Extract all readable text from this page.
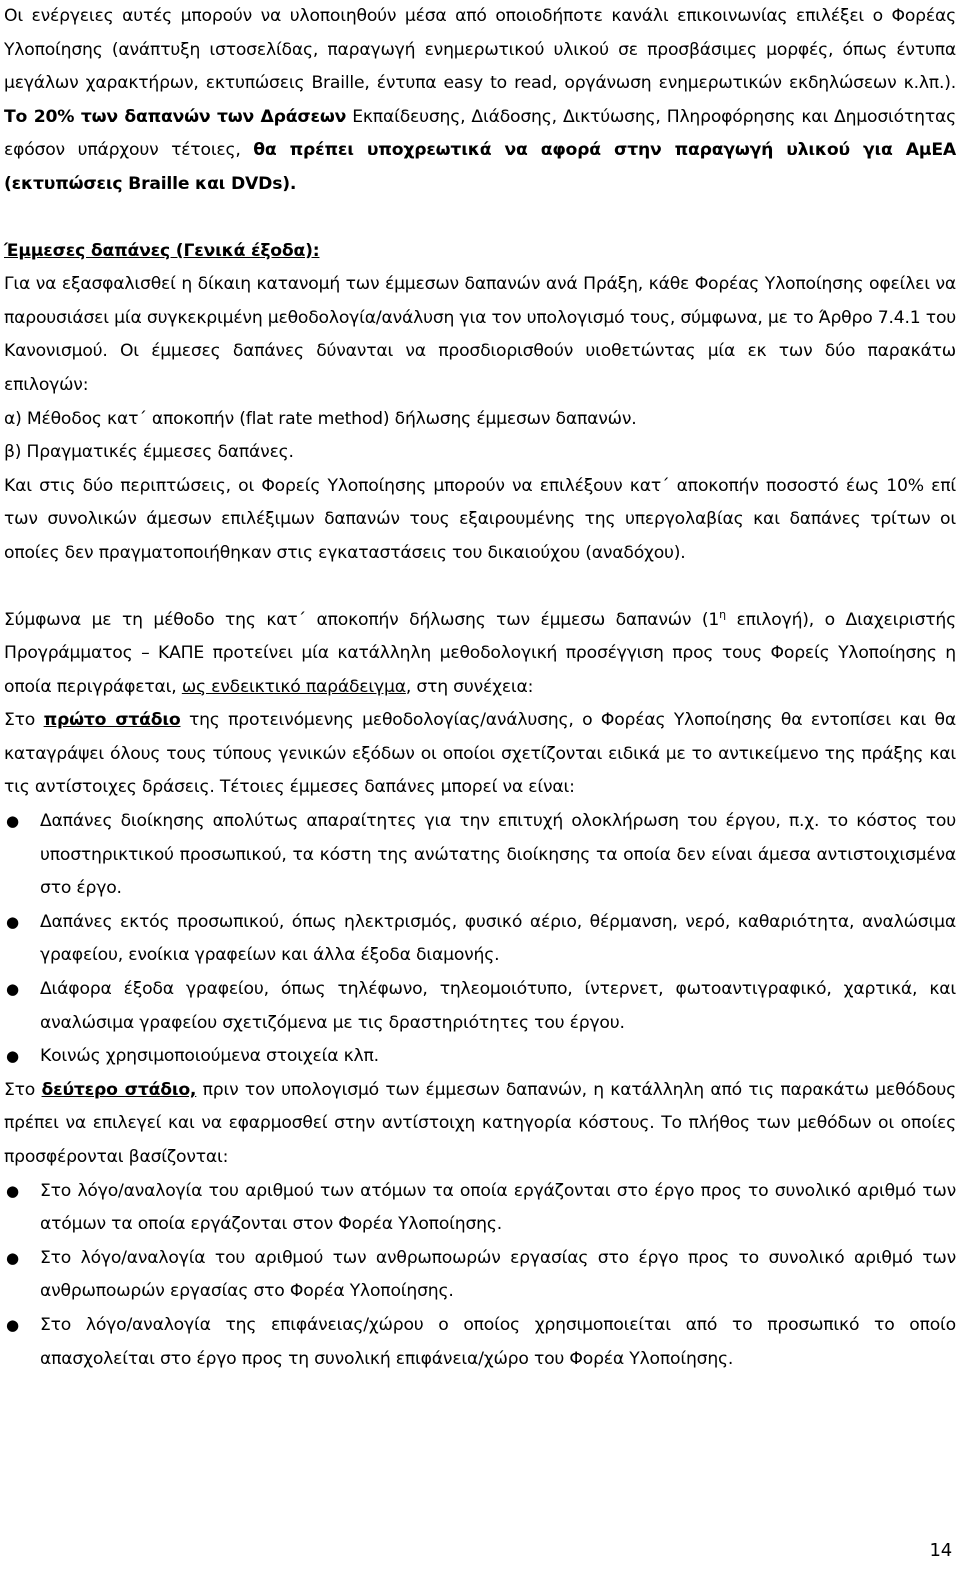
Οι ενέργειες αυτές μπορούν να υλοποιηθούν μέσα από οποιοδήποτε κανάλι επικοινωνίας επιλέξει ο Φορέας Υλοποίησης (ανάπτυξη ιστοσελίδας, παραγωγή ενημερωτικού υλικού σε προσβάσιμες μορφές, όπως έντυπα μεγάλων χαρακτήρων, εκτυπώσεις Braille, έντυπα easy to read, οργάνωση ενημερωτικών εκδηλώσεων κ.λπ.). Το 20% των δαπανών των Δράσεων Εκπαίδευσης, Διάδοσης, Δικτύωσης, Πληροφόρησης και Δημοσιότητας εφόσον υπάρχουν τέτοιες, θα πρέπει υποχρεωτικά να αφορά στην παραγωγή υλικού για ΑμΕΑ (εκτυπώσεις Braille και DVDs).

Έμμεσες δαπάνες (Γενικά έξοδα):

Για να εξασφαλισθεί η δίκαιη κατανομή των έμμεσων δαπανών ανά Πράξη, κάθε Φορέας Υλοποίησης οφείλει να παρουσιάσει μία συγκεκριμένη μεθοδολογία/ανάλυση για τον υπολογισμό τους, σύμφωνα, με το Άρθρο 7.4.1 του Κανονισμού. Οι έμμεσες δαπάνες δύνανται να προσδιορισθούν υιοθετώντας μία εκ των δύο παρακάτω επιλογών:

α) Μέθοδος κατ΄ αποκοπήν (flat rate method) δήλωσης έμμεσων δαπανών.

β) Πραγματικές έμμεσες δαπάνες.

Και στις δύο περιπτώσεις, οι Φορείς Υλοποίησης μπορούν να επιλέξουν κατ΄ αποκοπήν ποσοστό έως 10% επί των συνολικών άμεσων επιλέξιμων δαπανών τους εξαιρουμένης της υπεργολαβίας και δαπάνες τρίτων οι οποίες δεν πραγματοποιήθηκαν στις εγκαταστάσεις του δικαιούχου (αναδόχου).

Σύμφωνα με τη μέθοδο της κατ΄ αποκοπήν δήλωσης των έμμεσω δαπανών ($1^\eta$ επιλογή), ο Διαχειριστής Προγράμματος – ΚΑΠΕ προτείνει μία κατάλληλη μεθοδολογική προσέγγιση προς τους Φορείς Υλοποίησης η οποία περιγράφεται, ως ενδεικτικό παράδειγμα, στη συνέχεια:

Στο πρώτο στάδιο της προτεινόμενης μεθοδολογίας/ανάλυσης, ο Φορέας Υλοποίησης θα εντοπίσει και θα καταγράψει όλους τους τύπους γενικών εξόδων οι οποίοι σχετίζονται ειδικά με το αντικείμενο της πράξης και τις αντίστοιχες δράσεις. Τέτοιες έμμεσες δαπάνες μπορεί να είναι:

● Δαπάνες διοίκησης απολύτως απαραίτητες για την επιτυχή ολοκλήρωση του έργου, π.χ. το κόστος του υποστηρικτικού προσωπικού, τα κόστη της ανώτατης διοίκησης τα οποία δεν είναι άμεσα αντιστοιχισμένα στο έργο.
● Δαπάνες εκτός προσωπικού, όπως ηλεκτρισμός, φυσικό αέριο, θέρμανση, νερό, καθαριότητα, αναλώσιμα γραφείου, ενοίκια γραφείων και άλλα έξοδα διαμονής.
● Διάφορα έξοδα γραφείου, όπως τηλέφωνο, τηλεομοιότυπο, ίντερνετ, φωτοαντιγραφικό, χαρτικά, και αναλώσιμα γραφείου σχετιζόμενα με τις δραστηριότητες του έργου.
● Κοινώς χρησιμοποιούμενα στοιχεία κλπ.

Στο δεύτερο στάδιο, πριν τον υπολογισμό των έμμεσων δαπανών, η κατάλληλη από τις παρακάτω μεθόδους πρέπει να επιλεγεί και να εφαρμοσθεί στην αντίστοιχη κατηγορία κόστους. Το πλήθος των μεθόδων οι οποίες προσφέρονται βασίζονται:

● Στο λόγο/αναλογία του αριθμού των ατόμων τα οποία εργάζονται στο έργο προς το συνολικό αριθμό των ατόμων τα οποία εργάζονται στον Φορέα Υλοποίησης.
● Στο λόγο/αναλογία του αριθμού των ανθρωποωρών εργασίας στο έργο προς το συνολικό αριθμό των ανθρωποωρών εργασίας στο Φορέα Υλοποίησης.
● Στο λόγο/αναλογία της επιφάνειας/χώρου ο οποίος χρησιμοποιείται από το προσωπικό το οποίο απασχολείται στο έργο προς τη συνολική επιφάνεια/χώρο του Φορέα Υλοποίησης.
14
